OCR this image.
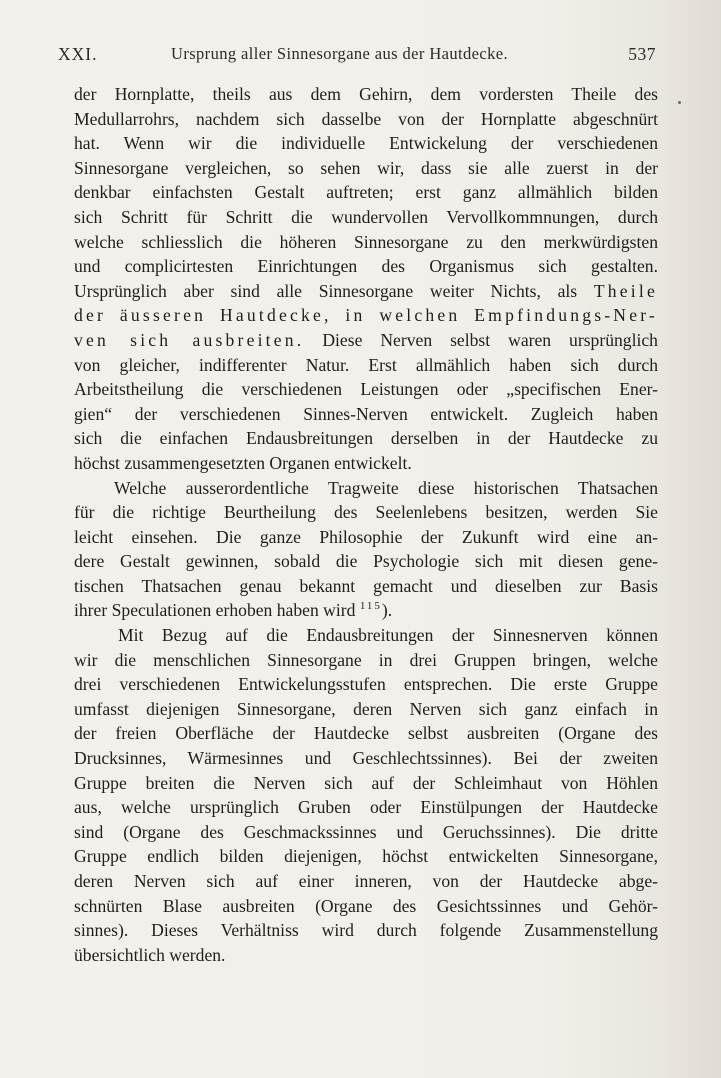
XXI.	Ursprung aller Sinnesorgane aus der Hautdecke.	537
der Hornplatte, theils aus dem Gehirn, dem vordersten Theile des
Medullarrohrs, nachdem sich dasselbe von der Hornplatte abgeschnürt
hat. Wenn wir die individuelle Entwickelung der verschiedenen
Sinnesorgane vergleichen, so sehen wir, dass sie alle zuerst in der
denkbar einfachsten Gestalt auftreten; erst ganz allmählich bilden
sich Schritt für Schritt die wundervollen Vervollkommnungen, durch
welche schliesslich die höheren Sinnesorgane zu den merkwürdigsten
und complicirtesten Einrichtungen des Organismus sich gestalten.
Ursprünglich aber sind alle Sinnesorgane weiter Nichts, als Theile
der äusseren Hautdecke, in welchen Empfindungs-Ner-
ven sich ausbreiten. Diese Nerven selbst waren ursprünglich
von gleicher, indifferenter Natur. Erst allmählich haben sich durch
Arbeitstheilung die verschiedenen Leistungen oder „specifischen Ener-
gien“ der verschiedenen Sinnes-Nerven entwickelt. Zugleich haben
sich die einfachen Endausbreitungen derselben in der Hautdecke zu
höchst zusammengesetzten Organen entwickelt.
Welche ausserordentliche Tragweite diese historischen Thatsachen
für die richtige Beurtheilung des Seelenlebens besitzen, werden Sie
leicht einsehen. Die ganze Philosophie der Zukunft wird eine an-
dere Gestalt gewinnen, sobald die Psychologie sich mit diesen gene-
tischen Thatsachen genau bekannt gemacht und dieselben zur Basis
ihrer Speculationen erhoben haben wird $^{115}$).
Mit Bezug auf die Endausbreitungen der Sinnesnerven können
wir die menschlichen Sinnesorgane in drei Gruppen bringen, welche
drei verschiedenen Entwickelungsstufen entsprechen. Die erste Gruppe
umfasst diejenigen Sinnesorgane, deren Nerven sich ganz einfach in
der freien Oberfläche der Hautdecke selbst ausbreiten (Organe des
Drucksinnes, Wärmesinnes und Geschlechtssinnes). Bei der zweiten
Gruppe breiten die Nerven sich auf der Schleimhaut von Höhlen
aus, welche ursprünglich Gruben oder Einstülpungen der Hautdecke
sind (Organe des Geschmackssinnes und Geruchssinnes). Die dritte
Gruppe endlich bilden diejenigen, höchst entwickelten Sinnesorgane,
deren Nerven sich auf einer inneren, von der Hautdecke abge-
schnürten Blase ausbreiten (Organe des Gesichtssinnes und Gehör-
sinnes). Dieses Verhältniss wird durch folgende Zusammenstellung
übersichtlich werden.
